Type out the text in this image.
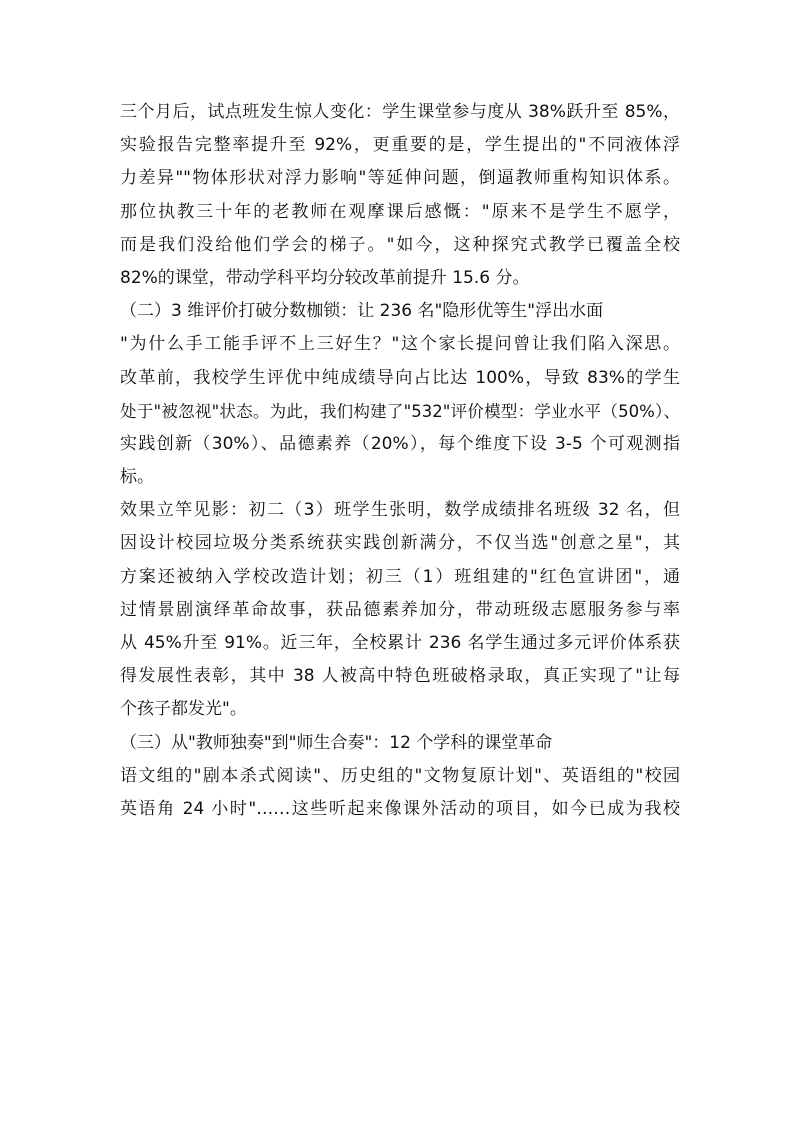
三个月后，试点班发生惊人变化：学生课堂参与度从 38%跃升至 85%，
实验报告完整率提升至 92%，更重要的是，学生提出的"不同液体浮
力差异""物体形状对浮力影响"等延伸问题，倒逼教师重构知识体系。
那位执教三十年的老教师在观摩课后感慨："原来不是学生不愿学，
而是我们没给他们学会的梯子。"如今，这种探究式教学已覆盖全校
82%的课堂，带动学科平均分较改革前提升 15.6 分。
（二）3 维评价打破分数枷锁：让 236 名"隐形优等生"浮出水面
"为什么手工能手评不上三好生？"这个家长提问曾让我们陷入深思。
改革前，我校学生评优中纯成绩导向占比达 100%，导致 83%的学生
处于"被忽视"状态。为此，我们构建了"532"评价模型：学业水平（50%）、
实践创新（30%）、品德素养（20%），每个维度下设 3-5 个可观测指
标。
效果立竿见影：初二（3）班学生张明，数学成绩排名班级 32 名，但
因设计校园垃圾分类系统获实践创新满分，不仅当选"创意之星"，其
方案还被纳入学校改造计划；初三（1）班组建的"红色宣讲团"，通
过情景剧演绎革命故事，获品德素养加分，带动班级志愿服务参与率
从 45%升至 91%。近三年，全校累计 236 名学生通过多元评价体系获
得发展性表彰，其中 38 人被高中特色班破格录取，真正实现了"让每
个孩子都发光"。
（三）从"教师独奏"到"师生合奏"：12 个学科的课堂革命
语文组的"剧本杀式阅读"、历史组的"文物复原计划"、英语组的"校园
英语角 24 小时"……这些听起来像课外活动的项目，如今已成为我校
